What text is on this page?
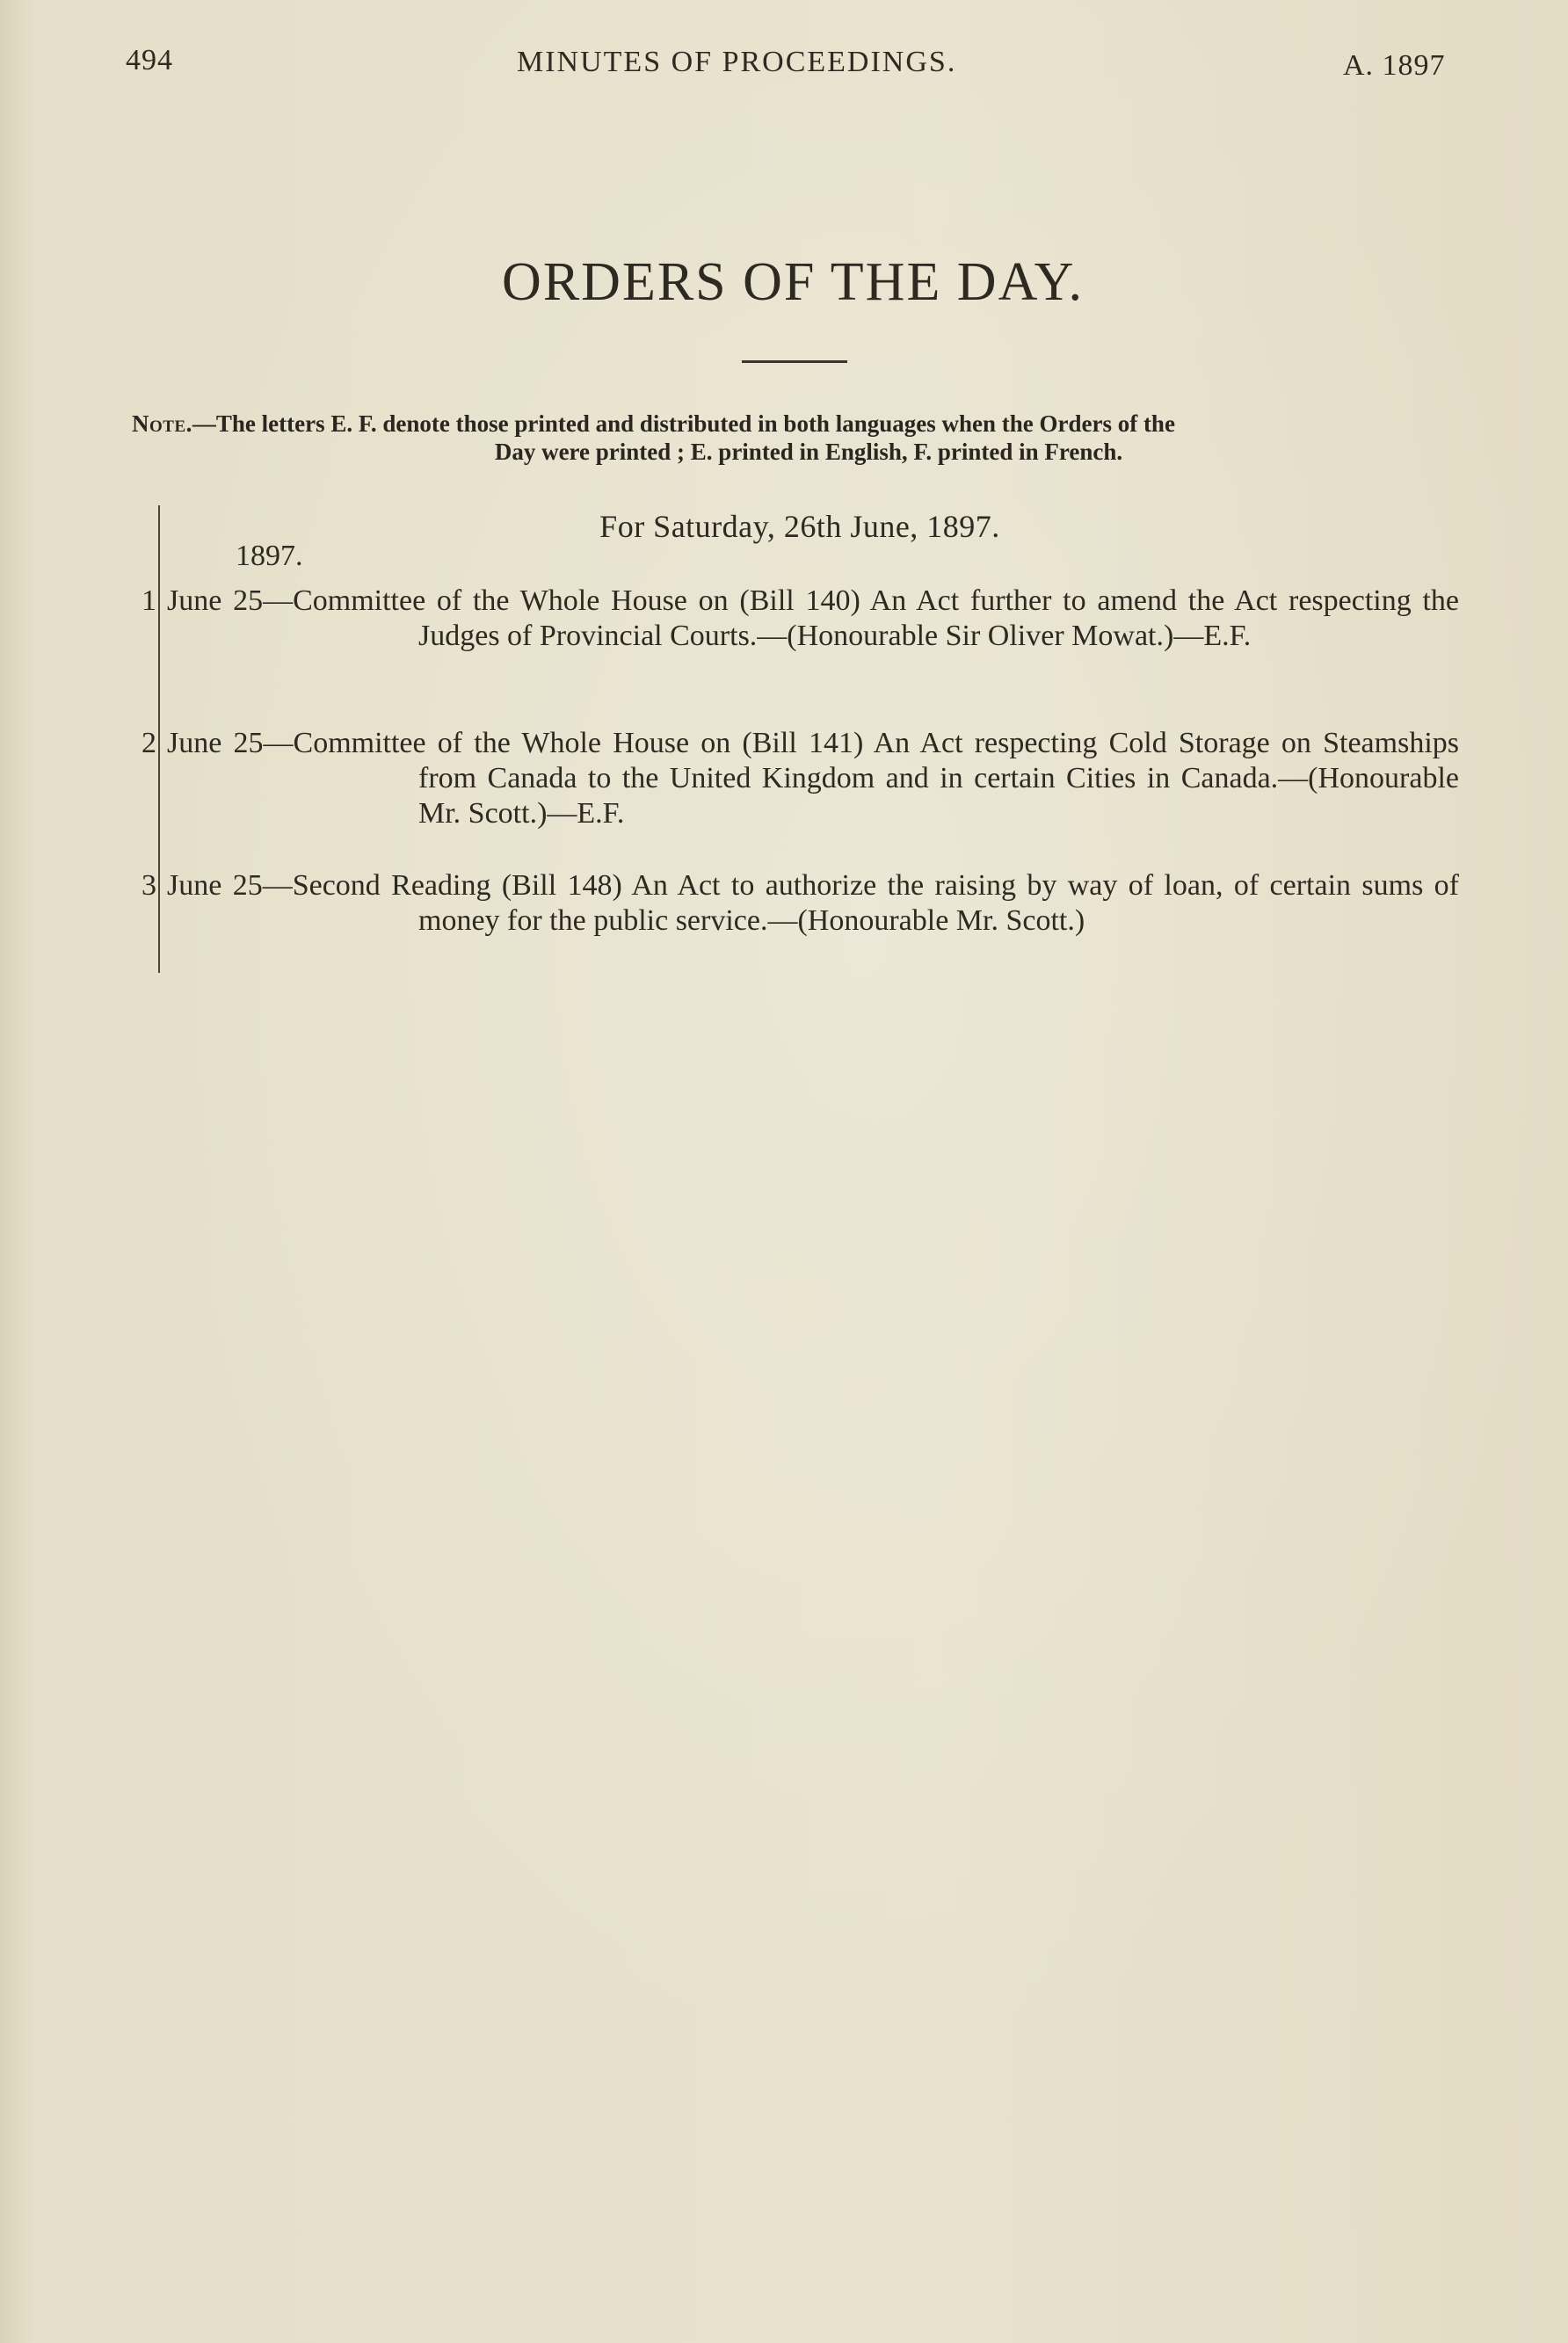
494	MINUTES OF PROCEEDINGS.	A. 1897
ORDERS OF THE DAY.
Note.—The letters E. F. denote those printed and distributed in both languages when the Orders of the
Day were printed ; E. printed in English, F. printed in French.
For Saturday, 26th June, 1897.
1897.
1 June 25—Committee of the Whole House on (Bill 140) An Act further to amend the Act respecting the Judges of Provincial Courts.—(Honourable Sir Oliver Mowat.)—E.F.

2 June 25—Committee of the Whole House on (Bill 141) An Act respecting Cold Storage on Steamships from Canada to the United Kingdom and in certain Cities in Canada.—(Honourable Mr. Scott.)—E.F.

3 June 25—Second Reading (Bill 148) An Act to authorize the raising by way of loan, of certain sums of money for the public service.—(Honourable Mr. Scott.)
